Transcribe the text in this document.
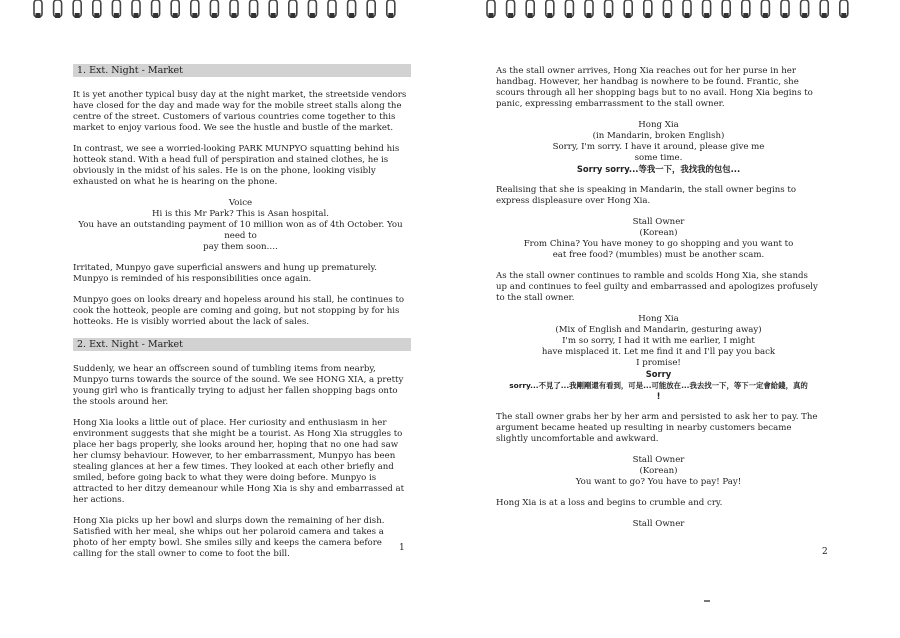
1. Ext. Night - Market

It is yet another typical busy day at the night market, the streetside vendors have closed for the day and made way for the mobile street stalls along the centre of the street. Customers of various countries come together to this market to enjoy various food. We see the hustle and bustle of the market.

In contrast, we see a worried-looking PARK MUNPYO squatting behind his hotteok stand. With a head full of perspiration and stained clothes, he is obviously in the midst of his sales. He is on the phone, looking visibly exhausted on what he is hearing on the phone.

Voice
Hi is this Mr Park? This is Asan hospital.
You have an outstanding payment of 10 million won as of 4th October. You need to
pay them soon….

Irritated, Munpyo gave superficial answers and hung up prematurely. Munpyo is reminded of his responsibilities once again.

Munpyo goes on looks dreary and hopeless around his stall, he continues to cook the hotteok, people are coming and going, but not stopping by for his hotteoks. He is visibly worried about the lack of sales.

2. Ext. Night - Market

Suddenly, we hear an offscreen sound of tumbling items from nearby, Munpyo turns towards the source of the sound. We see HONG XIA, a pretty young girl who is frantically trying to adjust her fallen shopping bags onto the stools around her.

Hong Xia looks a little out of place. Her curiosity and enthusiasm in her environment suggests that she might be a tourist. As Hong Xia struggles to place her bags properly, she looks around her, hoping that no one had saw her clumsy behaviour. However, to her embarrassment, Munpyo has been stealing glances at her a few times. They looked at each other briefly and smiled, before going back to what they were doing before. Munpyo is attracted to her ditzy demeanour while Hong Xia is shy and embarrassed at her actions.

Hong Xia picks up her bowl and slurps down the remaining of her dish. Satisfied with her meal, she whips out her polaroid camera and takes a photo of her empty bowl. She smiles silly and keeps the camera before calling for the stall owner to come to foot the bill.

1

As the stall owner arrives, Hong Xia reaches out for her purse in her handbag. However, her handbag is nowhere to be found. Frantic, she scours through all her shopping bags but to no avail. Hong Xia begins to panic, expressing embarrassment to the stall owner.

Hong Xia
(in Mandarin, broken English)
Sorry, I'm sorry. I have it around, please give me
some time.
Sorry sorry...等我一下，我找我的包包...

Realising that she is speaking in Mandarin, the stall owner begins to express displeasure over Hong Xia.

Stall Owner
(Korean)
From China? You have money to go shopping and you want to
eat free food? (mumbles) must be another scam.

As the stall owner continues to ramble and scolds Hong Xia, she stands up and continues to feel guilty and embarrassed and apologizes profusely to the stall owner.

Hong Xia
(Mix of English and Mandarin, gesturing away)
I'm so sorry, I had it with me earlier, I might
have misplaced it. Let me find it and I'll pay you back
I promise!
Sorry
sorry...不見了...我剛剛還有看到，可是...可能放在...我去找一下，等下一定會給錢，真的
!

The stall owner grabs her by her arm and persisted to ask her to pay. The argument became heated up resulting in nearby customers became slightly uncomfortable and awkward.

Stall Owner
(Korean)
You want to go? You have to pay! Pay!

Hong Xia is at a loss and begins to crumble and cry.

Stall Owner
2
